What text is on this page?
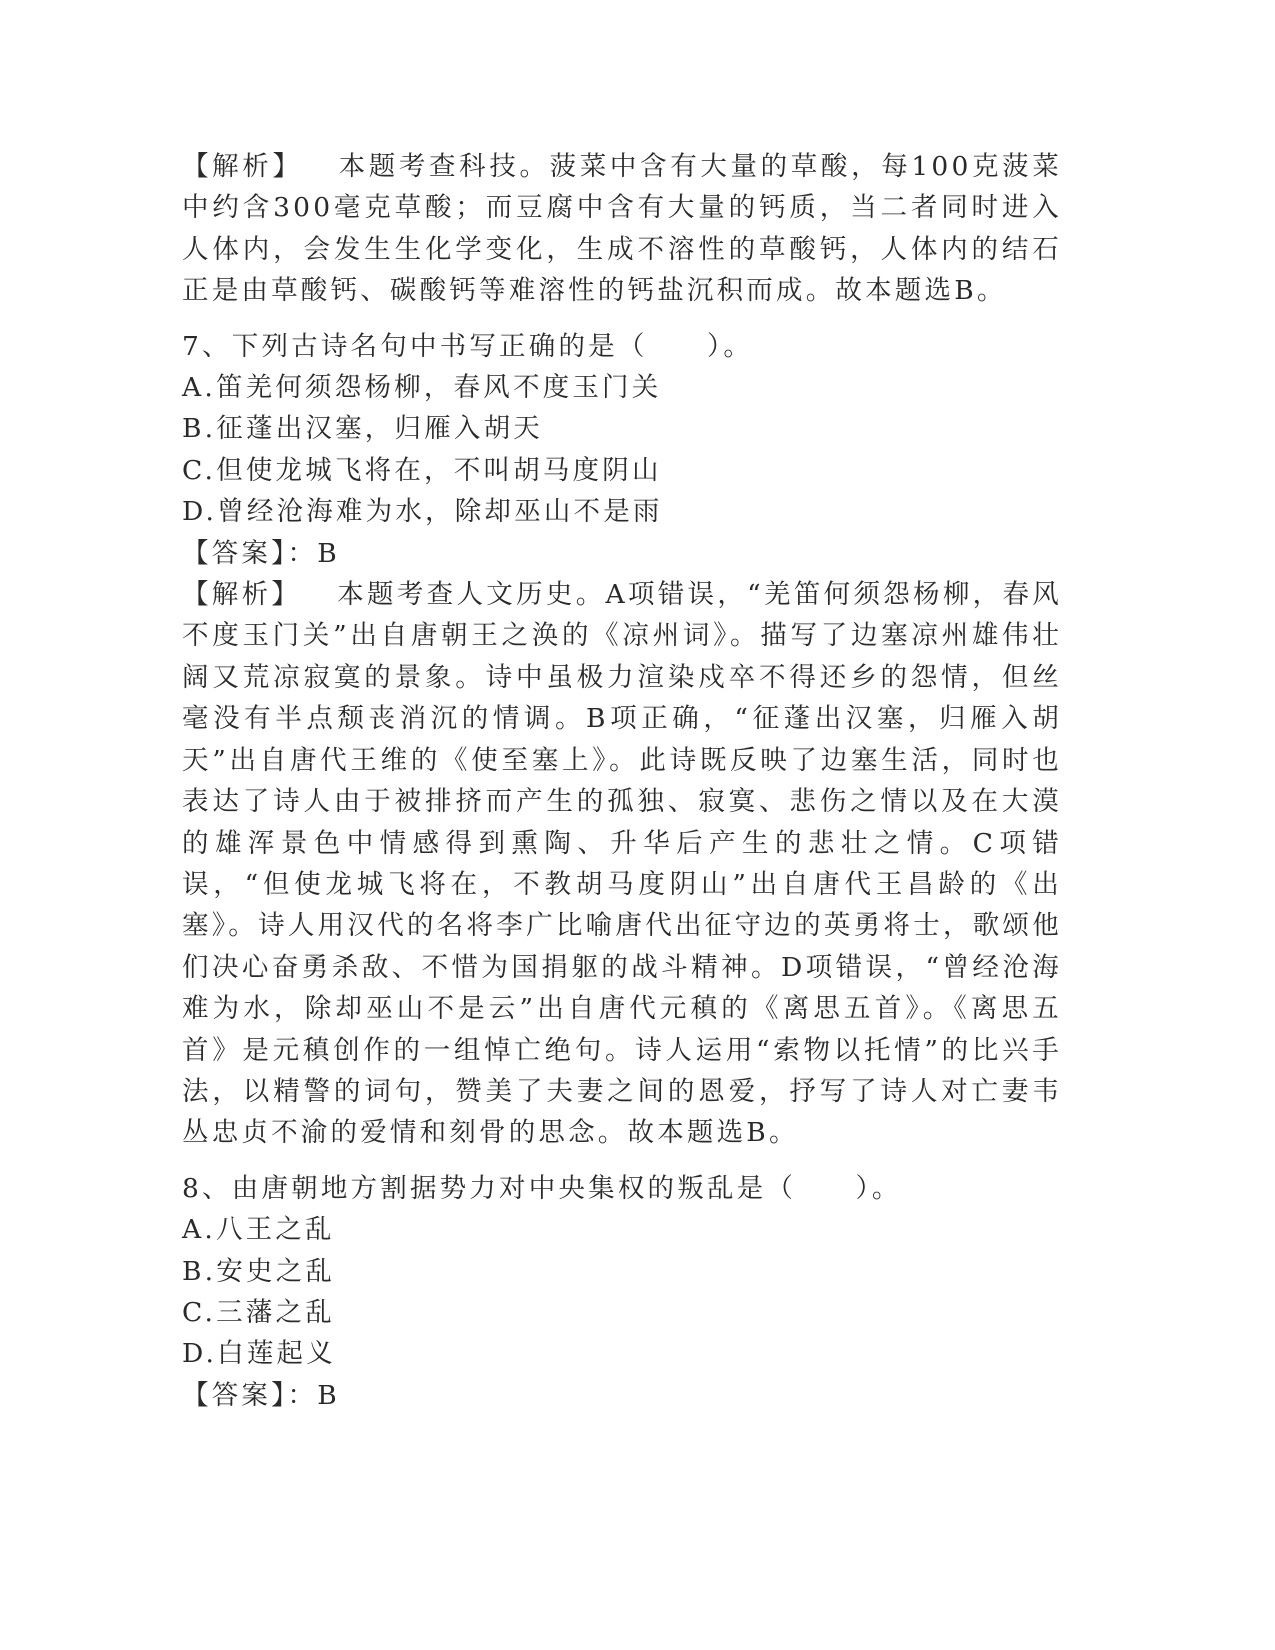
【解析】 本题考查科技。菠菜中含有大量的草酸，每100克菠菜中约含300毫克草酸；而豆腐中含有大量的钙质，当二者同时进入人体内，会发生生化学变化，生成不溶性的草酸钙，人体内的结石正是由草酸钙、碳酸钙等难溶性的钙盐沉积而成。故本题选B。

7、下列古诗名句中书写正确的是（　　）。
A.笛羌何须怨杨柳，春风不度玉门关
B.征蓬出汉塞，归雁入胡天
C.但使龙城飞将在，不叫胡马度阴山
D.曾经沧海难为水，除却巫山不是雨
【答案】：B

【解析】 本题考查人文历史。A项错误，“羌笛何须怨杨柳，春风不度玉门关”出自唐朝王之涣的《凉州词》。描写了边塞凉州雄伟壮阔又荒凉寂寞的景象。诗中虽极力渲染戍卒不得还乡的怨情，但丝毫没有半点颓丧消沉的情调。B项正确，“征蓬出汉塞，归雁入胡天”出自唐代王维的《使至塞上》。此诗既反映了边塞生活，同时也表达了诗人由于被排挤而产生的孤独、寂寞、悲伤之情以及在大漠的雄浑景色中情感得到熏陶、升华后产生的悲壮之情。C项错误，“但使龙城飞将在，不教胡马度阴山”出自唐代王昌龄的《出塞》。诗人用汉代的名将李广比喻唐代出征守边的英勇将士，歌颂他们决心奋勇杀敌、不惜为国捐躯的战斗精神。D项错误，“曾经沧海难为水，除却巫山不是云”出自唐代元稹的《离思五首》。《离思五首》是元稹创作的一组悼亡绝句。诗人运用“索物以托情”的比兴手法，以精警的词句，赞美了夫妻之间的恩爱，抒写了诗人对亡妻韦丛忠贞不渝的爱情和刻骨的思念。故本题选B。

8、由唐朝地方割据势力对中央集权的叛乱是（　　）。
A.八王之乱
B.安史之乱
C.三藩之乱
D.白莲起义
【答案】：B
